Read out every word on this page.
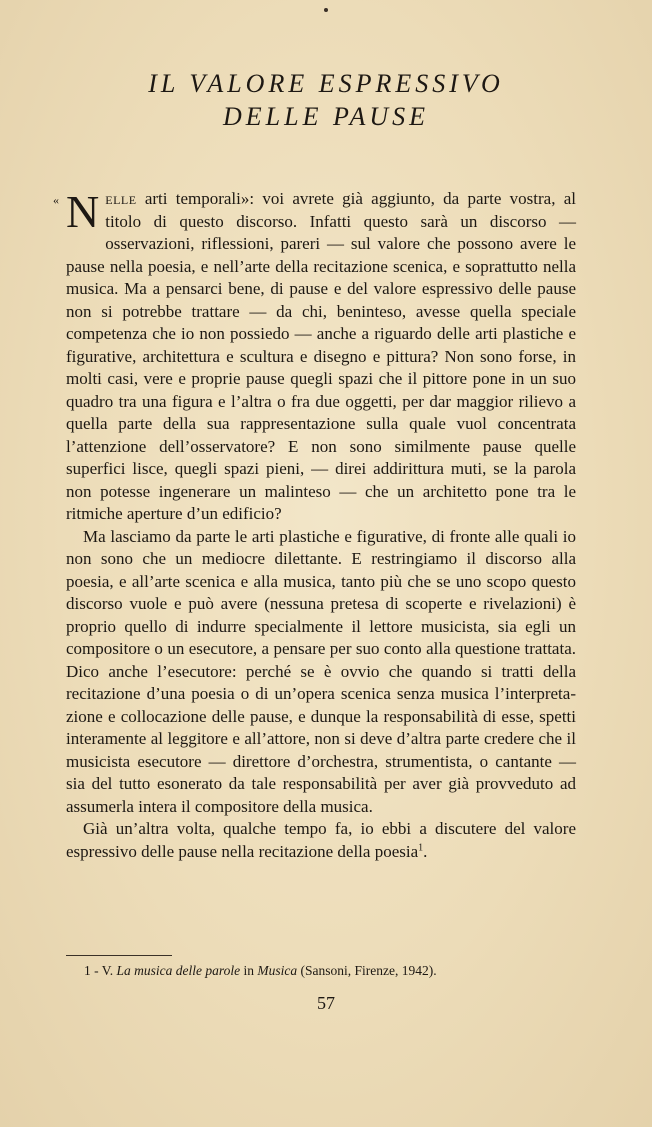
IL VALORE ESPRESSIVO
DELLE PAUSE

« N elle arti temporali»: voi avrete già aggiunto, da parte vostra, al titolo di questo discorso. Infatti questo sarà un discorso — osservazioni, riflessioni, pareri — sul valore che possono avere le pause nella poesia, e nell’arte della recitazione scenica, e soprattutto nella musica. Ma a pensarci bene, di pause e del valore espressivo delle pause non si potrebbe trattare — da chi, beninteso, avesse quella speciale competenza che io non possiedo — anche a riguardo delle arti plastiche e figurative, architettura e scultura e disegno e pittura? Non sono forse, in molti casi, vere e proprie pause quegli spazi che il pittore pone in un suo quadro tra una figura e l’altra o fra due oggetti, per dar maggior rilievo a quella parte della sua rappresentazione sulla quale vuol concentrata l’attenzione dell’osservatore? E non sono similmente pause quelle superfici lisce, quegli spazi pieni, — direi addirittura muti, se la parola non potesse ingenerare un malinteso — che un architetto pone tra le ritmiche aperture d’un edificio?

Ma lasciamo da parte le arti plastiche e figurative, di fronte alle quali io non sono che un mediocre dilettante. E restringiamo il discorso alla poesia, e all’arte scenica e alla musica, tanto più che se uno scopo questo discorso vuole e può avere (nessuna pretesa di scoperte e rivelazioni) è proprio quello di indurre specialmente il lettore musicista, sia egli un compositore o un esecutore, a pensare per suo conto alla questione trattata. Dico anche l’esecutore: perché se è ovvio che quando si tratti della recitazione d’una poesia o di un’opera scenica senza musica l’interpretazione e collocazione delle pause, e dunque la responsabilità di esse, spetti interamente al leggitore e all’attore, non si deve d’altra parte credere che il musicista esecutore — direttore d’orchestra, strumentista, o cantante — sia del tutto esonerato da tale responsabilità per aver già provveduto ad assumerla intera il compositore della musica.

Già un’altra volta, qualche tempo fa, io ebbi a discutere del valore espressivo delle pause nella recitazione della poesia$^1$.

1 - V. La musica delle parole in Musica (Sansoni, Firenze, 1942).
57
